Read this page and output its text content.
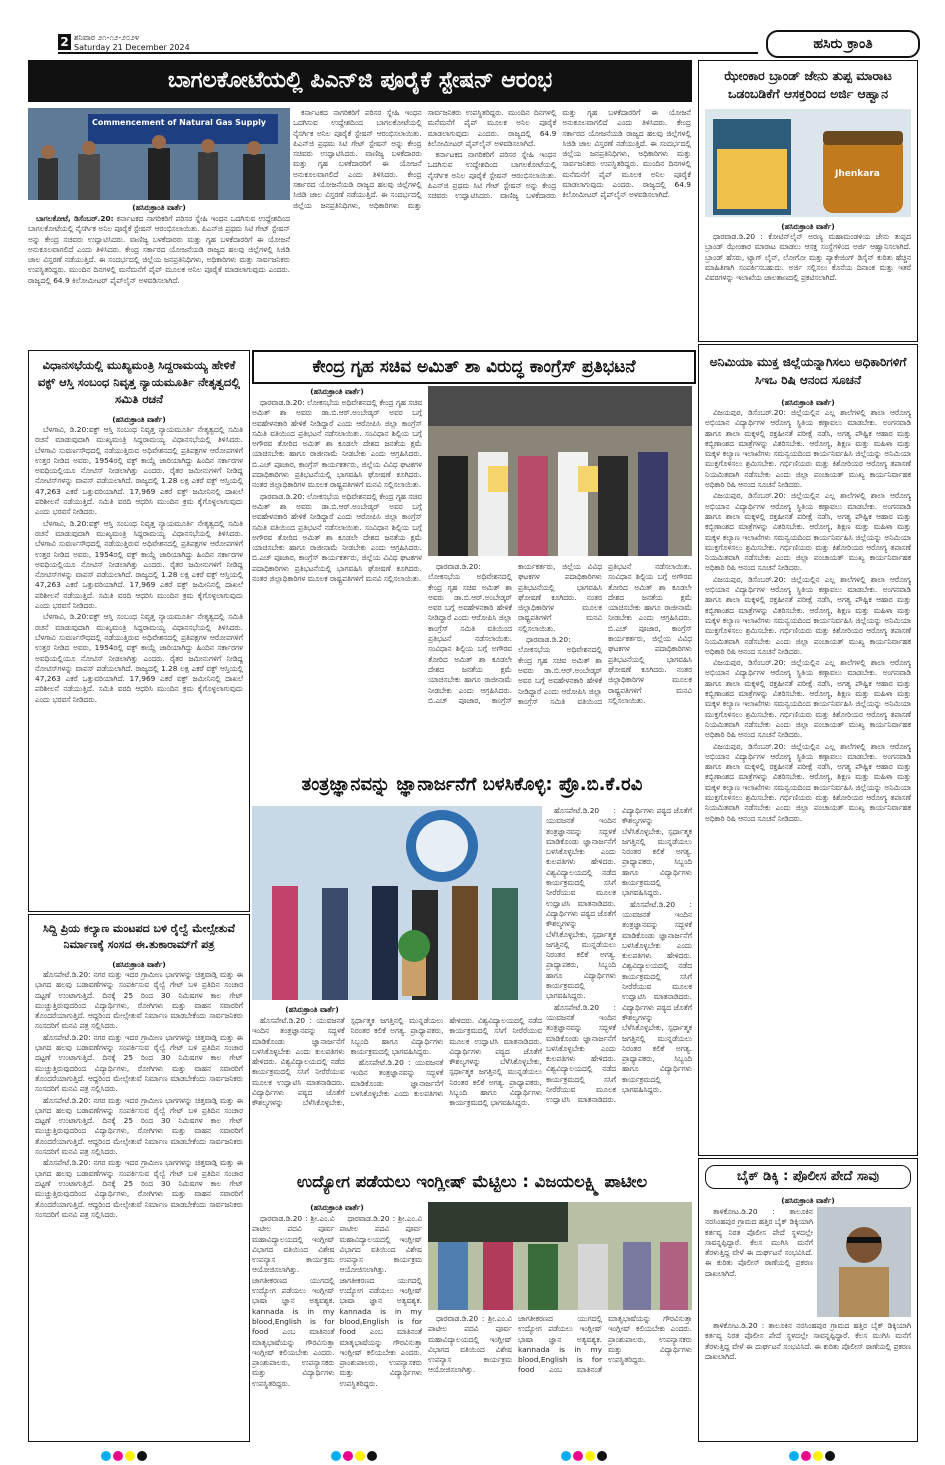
2 ಶನಿವಾರ ೨೧-೧೨-೨೦೨೪
Saturday 21 December 2024	ಹಸಿರು ಕ್ರಾಂತಿ
ಬಾಗಲಕೋಟೆಯಲ್ಲಿ ಪಿಎನ್‌ಜಿ ಪೂರೈಕೆ ಸ್ಟೇಷನ್ ಆರಂಭ
Commencement of Natural Gas Supply
(ಹಸಿರುಕ್ರಾಂತಿ ವಾರ್ತೆ)

ಬಾಗಲಕೋಟೆ, ಡಿಸೆಂಬರ್.20: ಕರ್ನಾಟಕದ ನಾಗರಿಕರಿಗೆ ಪರಿಸರ ಸ್ನೇಹಿ ಇಂಧನ ಒದಗಿಸುವ ಉದ್ದೇಶದಿಂದ ಬಾಗಲಕೋಟೆಯಲ್ಲಿ ನೈಸರ್ಗಿಕ ಅನಿಲ ಪೂರೈಕೆ ಸ್ಟೇಷನ್ ಆರಂಭಿಸಲಾಯಿತು. ಪಿಎನ್‌ಜಿ ಪ್ರಥಮ ಸಿಟಿ ಗೇಟ್ ಸ್ಟೇಷನ್ ಅನ್ನು ಕೇಂದ್ರ ಸಚಿವರು ಉದ್ಘಾಟಿಸಿದರು. ವಾಣಿಜ್ಯ ಬಳಕೆದಾರರು ಮತ್ತು ಗೃಹ ಬಳಕೆದಾರರಿಗೆ ಈ ಯೋಜನೆ ಅನುಕೂಲವಾಗಲಿದೆ ಎಂದು ತಿಳಿಸಿದರು. ಕೇಂದ್ರ ಸರ್ಕಾರದ ಯೋಜನೆಯಡಿ ರಾಜ್ಯದ ಹಲವು ಜಿಲ್ಲೆಗಳಲ್ಲಿ ಸಿಜಿಡಿ ಜಾಲ ವಿಸ್ತರಣೆ ನಡೆಯುತ್ತಿದೆ. ಈ ಸಂದರ್ಭದಲ್ಲಿ ಜಿಲ್ಲೆಯ ಜನಪ್ರತಿನಿಧಿಗಳು, ಅಧಿಕಾರಿಗಳು ಮತ್ತು ಸಾರ್ವಜನಿಕರು ಉಪಸ್ಥಿತರಿದ್ದರು. ಮುಂದಿನ ದಿನಗಳಲ್ಲಿ ಮನೆಮನೆಗೆ ಪೈಪ್ ಮೂಲಕ ಅನಿಲ ಪೂರೈಕೆ ಮಾಡಲಾಗುವುದು ಎಂದರು. ರಾಜ್ಯದಲ್ಲಿ 64.9 ಕಿಲೋಮೀಟರ್ ಪೈಪ್‌ಲೈನ್ ಅಳವಡಿಸಲಾಗಿದೆ.

ಕರ್ನಾಟಕದ ನಾಗರಿಕರಿಗೆ ಪರಿಸರ ಸ್ನೇಹಿ ಇಂಧನ ಒದಗಿಸುವ ಉದ್ದೇಶದಿಂದ ಬಾಗಲಕೋಟೆಯಲ್ಲಿ ನೈಸರ್ಗಿಕ ಅನಿಲ ಪೂರೈಕೆ ಸ್ಟೇಷನ್ ಆರಂಭಿಸಲಾಯಿತು. ಪಿಎನ್‌ಜಿ ಪ್ರಥಮ ಸಿಟಿ ಗೇಟ್ ಸ್ಟೇಷನ್ ಅನ್ನು ಕೇಂದ್ರ ಸಚಿವರು ಉದ್ಘಾಟಿಸಿದರು. ವಾಣಿಜ್ಯ ಬಳಕೆದಾರರು ಮತ್ತು ಗೃಹ ಬಳಕೆದಾರರಿಗೆ ಈ ಯೋಜನೆ ಅನುಕೂಲವಾಗಲಿದೆ ಎಂದು ತಿಳಿಸಿದರು. ಕೇಂದ್ರ ಸರ್ಕಾರದ ಯೋಜನೆಯಡಿ ರಾಜ್ಯದ ಹಲವು ಜಿಲ್ಲೆಗಳಲ್ಲಿ ಸಿಜಿಡಿ ಜಾಲ ವಿಸ್ತರಣೆ ನಡೆಯುತ್ತಿದೆ. ಈ ಸಂದರ್ಭದಲ್ಲಿ ಜಿಲ್ಲೆಯ ಜನಪ್ರತಿನಿಧಿಗಳು, ಅಧಿಕಾರಿಗಳು ಮತ್ತು ಸಾರ್ವಜನಿಕರು ಉಪಸ್ಥಿತರಿದ್ದರು. ಮುಂದಿನ ದಿನಗಳಲ್ಲಿ ಮನೆಮನೆಗೆ ಪೈಪ್ ಮೂಲಕ ಅನಿಲ ಪೂರೈಕೆ ಮಾಡಲಾಗುವುದು ಎಂದರು. ರಾಜ್ಯದಲ್ಲಿ 64.9 ಕಿಲೋಮೀಟರ್ ಪೈಪ್‌ಲೈನ್ ಅಳವಡಿಸಲಾಗಿದೆ.

ಕರ್ನಾಟಕದ ನಾಗರಿಕರಿಗೆ ಪರಿಸರ ಸ್ನೇಹಿ ಇಂಧನ ಒದಗಿಸುವ ಉದ್ದೇಶದಿಂದ ಬಾಗಲಕೋಟೆಯಲ್ಲಿ ನೈಸರ್ಗಿಕ ಅನಿಲ ಪೂರೈಕೆ ಸ್ಟೇಷನ್ ಆರಂಭಿಸಲಾಯಿತು. ಪಿಎನ್‌ಜಿ ಪ್ರಥಮ ಸಿಟಿ ಗೇಟ್ ಸ್ಟೇಷನ್ ಅನ್ನು ಕೇಂದ್ರ ಸಚಿವರು ಉದ್ಘಾಟಿಸಿದರು. ವಾಣಿಜ್ಯ ಬಳಕೆದಾರರು ಮತ್ತು ಗೃಹ ಬಳಕೆದಾರರಿಗೆ ಈ ಯೋಜನೆ ಅನುಕೂಲವಾಗಲಿದೆ ಎಂದು ತಿಳಿಸಿದರು. ಕೇಂದ್ರ ಸರ್ಕಾರದ ಯೋಜನೆಯಡಿ ರಾಜ್ಯದ ಹಲವು ಜಿಲ್ಲೆಗಳಲ್ಲಿ ಸಿಜಿಡಿ ಜಾಲ ವಿಸ್ತರಣೆ ನಡೆಯುತ್ತಿದೆ. ಈ ಸಂದರ್ಭದಲ್ಲಿ ಜಿಲ್ಲೆಯ ಜನಪ್ರತಿನಿಧಿಗಳು, ಅಧಿಕಾರಿಗಳು ಮತ್ತು ಸಾರ್ವಜನಿಕರು ಉಪಸ್ಥಿತರಿದ್ದರು. ಮುಂದಿನ ದಿನಗಳಲ್ಲಿ ಮನೆಮನೆಗೆ ಪೈಪ್ ಮೂಲಕ ಅನಿಲ ಪೂರೈಕೆ ಮಾಡಲಾಗುವುದು ಎಂದರು. ರಾಜ್ಯದಲ್ಲಿ 64.9 ಕಿಲೋಮೀಟರ್ ಪೈಪ್‌ಲೈನ್ ಅಳವಡಿಸಲಾಗಿದೆ.

ಝೇಂಕಾರ ಬ್ರಾಂಡ್ ಜೇನು ತುಪ್ಪ ಮಾರಾಟ ಒಡಂಬಡಿಕೆಗೆ ಆಸಕ್ತರಿಂದ ಅರ್ಜಿ ಆಹ್ವಾನ
Jhenkara
(ಹಸಿರುಕ್ರಾಂತಿ ವಾರ್ತೆ)

ಧಾರವಾಡ.ಡಿ.20 : ಕೋಟಿನ್‌ಲೈನ್ ಅರಣ್ಯ ಮಹಾಮಂಡಳಿಯ ಜೇನು ತುಪ್ಪದ ಬ್ರಾಂಡ್ ಝೇಂಕಾರ ಮಾರಾಟ ಮಾಡಲು ಆಸಕ್ತ ಸಂಸ್ಥೆಗಳಿಂದ ಅರ್ಜಿ ಆಹ್ವಾನಿಸಲಾಗಿದೆ. ಬ್ರಾಂಡ್ ಹೆಸರು, ಟ್ಯಾಗ್ ಲೈನ್, ಲೋಗೋ ಮತ್ತು ಪ್ಯಾಕೇಜಿಂಗ್ ಡಿಸೈನ್ ಕುರಿತು ಹೆಚ್ಚಿನ ಮಾಹಿತಿಗಾಗಿ ಸಂಪರ್ಕಿಸಬಹುದು. ಅರ್ಜಿ ಸಲ್ಲಿಸಲು ಕೊನೆಯ ದಿನಾಂಕ ಮತ್ತು ಇತರೆ ವಿವರಗಳನ್ನು ಇಲಾಖೆಯ ಜಾಲತಾಣದಲ್ಲಿ ಪ್ರಕಟಿಸಲಾಗಿದೆ.

ಅನಿಮಿಯಾ ಮುಕ್ತ ಜಿಲ್ಲೆಯನ್ನಾಗಿಸಲು ಅಧಿಕಾರಿಗಳಿಗೆ ಸಿಇಒ ರಿಷಿ ಆನಂದ ಸೂಚನೆ
(ಹಸಿರುಕ್ರಾಂತಿ ವಾರ್ತೆ)

ವಿಜಯಪುರ, ಡಿಸೆಂಬರ್.20: ಜಿಲ್ಲೆಯಲ್ಲಿನ ಎಲ್ಲ ಶಾಲೆಗಳಲ್ಲಿ ಶಾಲಾ ಆರೋಗ್ಯ ಅಭಿಯಾನ ವಿದ್ಯಾರ್ಥಿಗಳ ಆರೋಗ್ಯ ಸ್ಥಿತಿಯ ಕಣ್ಗಾವಲು ಮಾಡಬೇಕು. ಅಂಗನವಾಡಿ ಹಾಗೂ ಶಾಲಾ ಮಕ್ಕಳಲ್ಲಿ ರಕ್ತಹೀನತೆ ಪರೀಕ್ಷೆ ನಡೆಸಿ, ಅಗತ್ಯ ಪೌಷ್ಟಿಕ ಆಹಾರ ಮತ್ತು ಕಬ್ಬಿಣಾಂಶದ ಮಾತ್ರೆಗಳನ್ನು ವಿತರಿಸಬೇಕು. ಆರೋಗ್ಯ, ಶಿಕ್ಷಣ ಮತ್ತು ಮಹಿಳಾ ಮತ್ತು ಮಕ್ಕಳ ಕಲ್ಯಾಣ ಇಲಾಖೆಗಳು ಸಮನ್ವಯದಿಂದ ಕಾರ್ಯನಿರ್ವಹಿಸಿ ಜಿಲ್ಲೆಯನ್ನು ಅನಿಮಿಯಾ ಮುಕ್ತಗೊಳಿಸಲು ಶ್ರಮಿಸಬೇಕು. ಗರ್ಭಿಣಿಯರು ಮತ್ತು ಕಿಶೋರಿಯರ ಆರೋಗ್ಯ ತಪಾಸಣೆ ನಿಯಮಿತವಾಗಿ ನಡೆಸಬೇಕು ಎಂದು ಜಿಲ್ಲಾ ಪಂಚಾಯತ್ ಮುಖ್ಯ ಕಾರ್ಯನಿರ್ವಾಹಕ ಅಧಿಕಾರಿ ರಿಷಿ ಆನಂದ ಸೂಚನೆ ನೀಡಿದರು.

ವಿಜಯಪುರ, ಡಿಸೆಂಬರ್.20: ಜಿಲ್ಲೆಯಲ್ಲಿನ ಎಲ್ಲ ಶಾಲೆಗಳಲ್ಲಿ ಶಾಲಾ ಆರೋಗ್ಯ ಅಭಿಯಾನ ವಿದ್ಯಾರ್ಥಿಗಳ ಆರೋಗ್ಯ ಸ್ಥಿತಿಯ ಕಣ್ಗಾವಲು ಮಾಡಬೇಕು. ಅಂಗನವಾಡಿ ಹಾಗೂ ಶಾಲಾ ಮಕ್ಕಳಲ್ಲಿ ರಕ್ತಹೀನತೆ ಪರೀಕ್ಷೆ ನಡೆಸಿ, ಅಗತ್ಯ ಪೌಷ್ಟಿಕ ಆಹಾರ ಮತ್ತು ಕಬ್ಬಿಣಾಂಶದ ಮಾತ್ರೆಗಳನ್ನು ವಿತರಿಸಬೇಕು. ಆರೋಗ್ಯ, ಶಿಕ್ಷಣ ಮತ್ತು ಮಹಿಳಾ ಮತ್ತು ಮಕ್ಕಳ ಕಲ್ಯಾಣ ಇಲಾಖೆಗಳು ಸಮನ್ವಯದಿಂದ ಕಾರ್ಯನಿರ್ವಹಿಸಿ ಜಿಲ್ಲೆಯನ್ನು ಅನಿಮಿಯಾ ಮುಕ್ತಗೊಳಿಸಲು ಶ್ರಮಿಸಬೇಕು. ಗರ್ಭಿಣಿಯರು ಮತ್ತು ಕಿಶೋರಿಯರ ಆರೋಗ್ಯ ತಪಾಸಣೆ ನಿಯಮಿತವಾಗಿ ನಡೆಸಬೇಕು ಎಂದು ಜಿಲ್ಲಾ ಪಂಚಾಯತ್ ಮುಖ್ಯ ಕಾರ್ಯನಿರ್ವಾಹಕ ಅಧಿಕಾರಿ ರಿಷಿ ಆನಂದ ಸೂಚನೆ ನೀಡಿದರು.

ವಿಜಯಪುರ, ಡಿಸೆಂಬರ್.20: ಜಿಲ್ಲೆಯಲ್ಲಿನ ಎಲ್ಲ ಶಾಲೆಗಳಲ್ಲಿ ಶಾಲಾ ಆರೋಗ್ಯ ಅಭಿಯಾನ ವಿದ್ಯಾರ್ಥಿಗಳ ಆರೋಗ್ಯ ಸ್ಥಿತಿಯ ಕಣ್ಗಾವಲು ಮಾಡಬೇಕು. ಅಂಗನವಾಡಿ ಹಾಗೂ ಶಾಲಾ ಮಕ್ಕಳಲ್ಲಿ ರಕ್ತಹೀನತೆ ಪರೀಕ್ಷೆ ನಡೆಸಿ, ಅಗತ್ಯ ಪೌಷ್ಟಿಕ ಆಹಾರ ಮತ್ತು ಕಬ್ಬಿಣಾಂಶದ ಮಾತ್ರೆಗಳನ್ನು ವಿತರಿಸಬೇಕು. ಆರೋಗ್ಯ, ಶಿಕ್ಷಣ ಮತ್ತು ಮಹಿಳಾ ಮತ್ತು ಮಕ್ಕಳ ಕಲ್ಯಾಣ ಇಲಾಖೆಗಳು ಸಮನ್ವಯದಿಂದ ಕಾರ್ಯನಿರ್ವಹಿಸಿ ಜಿಲ್ಲೆಯನ್ನು ಅನಿಮಿಯಾ ಮುಕ್ತಗೊಳಿಸಲು ಶ್ರಮಿಸಬೇಕು. ಗರ್ಭಿಣಿಯರು ಮತ್ತು ಕಿಶೋರಿಯರ ಆರೋಗ್ಯ ತಪಾಸಣೆ ನಿಯಮಿತವಾಗಿ ನಡೆಸಬೇಕು ಎಂದು ಜಿಲ್ಲಾ ಪಂಚಾಯತ್ ಮುಖ್ಯ ಕಾರ್ಯನಿರ್ವಾಹಕ ಅಧಿಕಾರಿ ರಿಷಿ ಆನಂದ ಸೂಚನೆ ನೀಡಿದರು.

ವಿಜಯಪುರ, ಡಿಸೆಂಬರ್.20: ಜಿಲ್ಲೆಯಲ್ಲಿನ ಎಲ್ಲ ಶಾಲೆಗಳಲ್ಲಿ ಶಾಲಾ ಆರೋಗ್ಯ ಅಭಿಯಾನ ವಿದ್ಯಾರ್ಥಿಗಳ ಆರೋಗ್ಯ ಸ್ಥಿತಿಯ ಕಣ್ಗಾವಲು ಮಾಡಬೇಕು. ಅಂಗನವಾಡಿ ಹಾಗೂ ಶಾಲಾ ಮಕ್ಕಳಲ್ಲಿ ರಕ್ತಹೀನತೆ ಪರೀಕ್ಷೆ ನಡೆಸಿ, ಅಗತ್ಯ ಪೌಷ್ಟಿಕ ಆಹಾರ ಮತ್ತು ಕಬ್ಬಿಣಾಂಶದ ಮಾತ್ರೆಗಳನ್ನು ವಿತರಿಸಬೇಕು. ಆರೋಗ್ಯ, ಶಿಕ್ಷಣ ಮತ್ತು ಮಹಿಳಾ ಮತ್ತು ಮಕ್ಕಳ ಕಲ್ಯಾಣ ಇಲಾಖೆಗಳು ಸಮನ್ವಯದಿಂದ ಕಾರ್ಯನಿರ್ವಹಿಸಿ ಜಿಲ್ಲೆಯನ್ನು ಅನಿಮಿಯಾ ಮುಕ್ತಗೊಳಿಸಲು ಶ್ರಮಿಸಬೇಕು. ಗರ್ಭಿಣಿಯರು ಮತ್ತು ಕಿಶೋರಿಯರ ಆರೋಗ್ಯ ತಪಾಸಣೆ ನಿಯಮಿತವಾಗಿ ನಡೆಸಬೇಕು ಎಂದು ಜಿಲ್ಲಾ ಪಂಚಾಯತ್ ಮುಖ್ಯ ಕಾರ್ಯನಿರ್ವಾಹಕ ಅಧಿಕಾರಿ ರಿಷಿ ಆನಂದ ಸೂಚನೆ ನೀಡಿದರು.

ವಿಜಯಪುರ, ಡಿಸೆಂಬರ್.20: ಜಿಲ್ಲೆಯಲ್ಲಿನ ಎಲ್ಲ ಶಾಲೆಗಳಲ್ಲಿ ಶಾಲಾ ಆರೋಗ್ಯ ಅಭಿಯಾನ ವಿದ್ಯಾರ್ಥಿಗಳ ಆರೋಗ್ಯ ಸ್ಥಿತಿಯ ಕಣ್ಗಾವಲು ಮಾಡಬೇಕು. ಅಂಗನವಾಡಿ ಹಾಗೂ ಶಾಲಾ ಮಕ್ಕಳಲ್ಲಿ ರಕ್ತಹೀನತೆ ಪರೀಕ್ಷೆ ನಡೆಸಿ, ಅಗತ್ಯ ಪೌಷ್ಟಿಕ ಆಹಾರ ಮತ್ತು ಕಬ್ಬಿಣಾಂಶದ ಮಾತ್ರೆಗಳನ್ನು ವಿತರಿಸಬೇಕು. ಆರೋಗ್ಯ, ಶಿಕ್ಷಣ ಮತ್ತು ಮಹಿಳಾ ಮತ್ತು ಮಕ್ಕಳ ಕಲ್ಯಾಣ ಇಲಾಖೆಗಳು ಸಮನ್ವಯದಿಂದ ಕಾರ್ಯನಿರ್ವಹಿಸಿ ಜಿಲ್ಲೆಯನ್ನು ಅನಿಮಿಯಾ ಮುಕ್ತಗೊಳಿಸಲು ಶ್ರಮಿಸಬೇಕು. ಗರ್ಭಿಣಿಯರು ಮತ್ತು ಕಿಶೋರಿಯರ ಆರೋಗ್ಯ ತಪಾಸಣೆ ನಿಯಮಿತವಾಗಿ ನಡೆಸಬೇಕು ಎಂದು ಜಿಲ್ಲಾ ಪಂಚಾಯತ್ ಮುಖ್ಯ ಕಾರ್ಯನಿರ್ವಾಹಕ ಅಧಿಕಾರಿ ರಿಷಿ ಆನಂದ ಸೂಚನೆ ನೀಡಿದರು.

ಬೈಕ್ ಡಿಕ್ಕಿ : ಪೊಲೀಸ ಪೇದೆ ಸಾವು
(ಹಸಿರುಕ್ರಾಂತಿ ವಾರ್ತೆ)

ತಾಳಿಕೋಟ.ಡಿ.20 : ತಾಲೂಕಿನ ನರಸಿಂಹಪುರ ಗ್ರಾಮದ ಹತ್ತಿರ ಬೈಕ್ ಡಿಕ್ಕಿಯಾಗಿ ಕರ್ತವ್ಯ ನಿರತ ಪೊಲೀಸ ಪೇದೆ ಸ್ಥಳದಲ್ಲೇ ಸಾವನ್ನಪ್ಪಿದ್ದಾರೆ. ಕೆಲಸ ಮುಗಿಸಿ ಮನೆಗೆ ತೆರಳುತ್ತಿದ್ದ ವೇಳೆ ಈ ದುರ್ಘಟನೆ ಸಂಭವಿಸಿದೆ. ಈ ಕುರಿತು ಪೊಲೀಸ್ ಠಾಣೆಯಲ್ಲಿ ಪ್ರಕರಣ ದಾಖಲಾಗಿದೆ.

ತಾಳಿಕೋಟ.ಡಿ.20 : ತಾಲೂಕಿನ ನರಸಿಂಹಪುರ ಗ್ರಾಮದ ಹತ್ತಿರ ಬೈಕ್ ಡಿಕ್ಕಿಯಾಗಿ ಕರ್ತವ್ಯ ನಿರತ ಪೊಲೀಸ ಪೇದೆ ಸ್ಥಳದಲ್ಲೇ ಸಾವನ್ನಪ್ಪಿದ್ದಾರೆ. ಕೆಲಸ ಮುಗಿಸಿ ಮನೆಗೆ ತೆರಳುತ್ತಿದ್ದ ವೇಳೆ ಈ ದುರ್ಘಟನೆ ಸಂಭವಿಸಿದೆ. ಈ ಕುರಿತು ಪೊಲೀಸ್ ಠಾಣೆಯಲ್ಲಿ ಪ್ರಕರಣ ದಾಖಲಾಗಿದೆ.

ವಿಧಾನಸಭೆಯಲ್ಲಿ ಮುಖ್ಯಮಂತ್ರಿ ಸಿದ್ದರಾಮಯ್ಯ ಹೇಳಿಕೆ ವಕ್ಫ್ ಆಸ್ತಿ ಸಂಬಂಧ ನಿವೃತ್ತ ನ್ಯಾಯಮೂರ್ತಿ ನೇತೃತ್ವದಲ್ಲಿ ಸಮಿತಿ ರಚನೆ
(ಹಸಿರುಕ್ರಾಂತಿ ವಾರ್ತೆ)

ಬೆಳಗಾವಿ, ಡಿ.20:ವಕ್ಫ್ ಆಸ್ತಿ ಸಂಬಂಧ ನಿವೃತ್ತ ನ್ಯಾಯಮೂರ್ತಿ ನೇತೃತ್ವದಲ್ಲಿ ಸಮಿತಿ ರಚನೆ ಮಾಡುವುದಾಗಿ ಮುಖ್ಯಮಂತ್ರಿ ಸಿದ್ದರಾಮಯ್ಯ ವಿಧಾನಸಭೆಯಲ್ಲಿ ತಿಳಿಸಿದರು. ಬೆಳಗಾವಿ ಸುವರ್ಣಸೌಧದಲ್ಲಿ ನಡೆಯುತ್ತಿರುವ ಅಧಿವೇಶನದಲ್ಲಿ ಪ್ರತಿಪಕ್ಷಗಳ ಆರೋಪಗಳಿಗೆ ಉತ್ತರ ನೀಡಿದ ಅವರು, 1954ರಲ್ಲಿ ವಕ್ಫ್ ಕಾಯ್ದೆ ಜಾರಿಯಾಗಿದ್ದು ಹಿಂದಿನ ಸರ್ಕಾರಗಳ ಅವಧಿಯಲ್ಲಿಯೂ ನೋಟಿಸ್ ನೀಡಲಾಗಿತ್ತು ಎಂದರು. ರೈತರ ಜಮೀನುಗಳಿಗೆ ನೀಡಿದ್ದ ನೋಟಿಸ್‌ಗಳನ್ನು ವಾಪಸ್ ಪಡೆಯಲಾಗಿದೆ. ರಾಜ್ಯದಲ್ಲಿ 1.28 ಲಕ್ಷ ಎಕರೆ ವಕ್ಫ್ ಆಸ್ತಿಯಲ್ಲಿ 47,263 ಎಕರೆ ಒತ್ತುವರಿಯಾಗಿದೆ. 17,969 ಎಕರೆ ವಕ್ಫ್ ಜಮೀನಿನಲ್ಲಿ ದಾಖಲೆ ಪರಿಶೀಲನೆ ನಡೆಯುತ್ತಿದೆ. ಸಮಿತಿ ವರದಿ ಆಧರಿಸಿ ಮುಂದಿನ ಕ್ರಮ ಕೈಗೊಳ್ಳಲಾಗುವುದು ಎಂದು ಭರವಸೆ ನೀಡಿದರು.

ಬೆಳಗಾವಿ, ಡಿ.20:ವಕ್ಫ್ ಆಸ್ತಿ ಸಂಬಂಧ ನಿವೃತ್ತ ನ್ಯಾಯಮೂರ್ತಿ ನೇತೃತ್ವದಲ್ಲಿ ಸಮಿತಿ ರಚನೆ ಮಾಡುವುದಾಗಿ ಮುಖ್ಯಮಂತ್ರಿ ಸಿದ್ದರಾಮಯ್ಯ ವಿಧಾನಸಭೆಯಲ್ಲಿ ತಿಳಿಸಿದರು. ಬೆಳಗಾವಿ ಸುವರ್ಣಸೌಧದಲ್ಲಿ ನಡೆಯುತ್ತಿರುವ ಅಧಿವೇಶನದಲ್ಲಿ ಪ್ರತಿಪಕ್ಷಗಳ ಆರೋಪಗಳಿಗೆ ಉತ್ತರ ನೀಡಿದ ಅವರು, 1954ರಲ್ಲಿ ವಕ್ಫ್ ಕಾಯ್ದೆ ಜಾರಿಯಾಗಿದ್ದು ಹಿಂದಿನ ಸರ್ಕಾರಗಳ ಅವಧಿಯಲ್ಲಿಯೂ ನೋಟಿಸ್ ನೀಡಲಾಗಿತ್ತು ಎಂದರು. ರೈತರ ಜಮೀನುಗಳಿಗೆ ನೀಡಿದ್ದ ನೋಟಿಸ್‌ಗಳನ್ನು ವಾಪಸ್ ಪಡೆಯಲಾಗಿದೆ. ರಾಜ್ಯದಲ್ಲಿ 1.28 ಲಕ್ಷ ಎಕರೆ ವಕ್ಫ್ ಆಸ್ತಿಯಲ್ಲಿ 47,263 ಎಕರೆ ಒತ್ತುವರಿಯಾಗಿದೆ. 17,969 ಎಕರೆ ವಕ್ಫ್ ಜಮೀನಿನಲ್ಲಿ ದಾಖಲೆ ಪರಿಶೀಲನೆ ನಡೆಯುತ್ತಿದೆ. ಸಮಿತಿ ವರದಿ ಆಧರಿಸಿ ಮುಂದಿನ ಕ್ರಮ ಕೈಗೊಳ್ಳಲಾಗುವುದು ಎಂದು ಭರವಸೆ ನೀಡಿದರು.

ಬೆಳಗಾವಿ, ಡಿ.20:ವಕ್ಫ್ ಆಸ್ತಿ ಸಂಬಂಧ ನಿವೃತ್ತ ನ್ಯಾಯಮೂರ್ತಿ ನೇತೃತ್ವದಲ್ಲಿ ಸಮಿತಿ ರಚನೆ ಮಾಡುವುದಾಗಿ ಮುಖ್ಯಮಂತ್ರಿ ಸಿದ್ದರಾಮಯ್ಯ ವಿಧಾನಸಭೆಯಲ್ಲಿ ತಿಳಿಸಿದರು. ಬೆಳಗಾವಿ ಸುವರ್ಣಸೌಧದಲ್ಲಿ ನಡೆಯುತ್ತಿರುವ ಅಧಿವೇಶನದಲ್ಲಿ ಪ್ರತಿಪಕ್ಷಗಳ ಆರೋಪಗಳಿಗೆ ಉತ್ತರ ನೀಡಿದ ಅವರು, 1954ರಲ್ಲಿ ವಕ್ಫ್ ಕಾಯ್ದೆ ಜಾರಿಯಾಗಿದ್ದು ಹಿಂದಿನ ಸರ್ಕಾರಗಳ ಅವಧಿಯಲ್ಲಿಯೂ ನೋಟಿಸ್ ನೀಡಲಾಗಿತ್ತು ಎಂದರು. ರೈತರ ಜಮೀನುಗಳಿಗೆ ನೀಡಿದ್ದ ನೋಟಿಸ್‌ಗಳನ್ನು ವಾಪಸ್ ಪಡೆಯಲಾಗಿದೆ. ರಾಜ್ಯದಲ್ಲಿ 1.28 ಲಕ್ಷ ಎಕರೆ ವಕ್ಫ್ ಆಸ್ತಿಯಲ್ಲಿ 47,263 ಎಕರೆ ಒತ್ತುವರಿಯಾಗಿದೆ. 17,969 ಎಕರೆ ವಕ್ಫ್ ಜಮೀನಿನಲ್ಲಿ ದಾಖಲೆ ಪರಿಶೀಲನೆ ನಡೆಯುತ್ತಿದೆ. ಸಮಿತಿ ವರದಿ ಆಧರಿಸಿ ಮುಂದಿನ ಕ್ರಮ ಕೈಗೊಳ್ಳಲಾಗುವುದು ಎಂದು ಭರವಸೆ ನೀಡಿದರು.

ಸಿದ್ದಿ ಪ್ರಿಯ ಕಲ್ಯಾಣ ಮಂಟಪದ ಬಳಿ ರೈಲ್ವೆ ಮೇಲ್ಸೇತುವೆ ನಿರ್ಮಾಣಕ್ಕೆ ಸಂಸದ ಈ.ತುಕಾರಾಮ್‌ಗೆ ಪತ್ರ
(ಹಸಿರುಕ್ರಾಂತಿ ವಾರ್ತೆ)

ಹೊಸಪೇಟೆ.ಡಿ.20: ನಗರ ಮತ್ತು ಇದರ ಗ್ರಾಮೀಣ ಭಾಗಗಳನ್ನು ಚಿತ್ತವಾಡ್ಗಿ ಮತ್ತು ಈ ಭಾಗದ ಹಲವು ಬಡಾವಣೆಗಳನ್ನು ಸಂಪರ್ಕಿಸುವ ರೈಲ್ವೆ ಗೇಟ್ ಬಳಿ ಪ್ರತಿದಿನ ಸಂಚಾರ ದಟ್ಟಣೆ ಉಂಟಾಗುತ್ತಿದೆ. ದಿನಕ್ಕೆ 25 ರಿಂದ 30 ನಿಮಿಷಗಳ ಕಾಲ ಗೇಟ್ ಮುಚ್ಚುತ್ತಿರುವುದರಿಂದ ವಿದ್ಯಾರ್ಥಿಗಳು, ರೋಗಿಗಳು ಮತ್ತು ವಾಹನ ಸವಾರರಿಗೆ ತೊಂದರೆಯಾಗುತ್ತಿದೆ. ಆದ್ದರಿಂದ ಮೇಲ್ಸೇತುವೆ ನಿರ್ಮಾಣ ಮಾಡಬೇಕೆಂದು ಸಾರ್ವಜನಿಕರು ಸಂಸದರಿಗೆ ಮನವಿ ಪತ್ರ ಸಲ್ಲಿಸಿದರು.

ಹೊಸಪೇಟೆ.ಡಿ.20: ನಗರ ಮತ್ತು ಇದರ ಗ್ರಾಮೀಣ ಭಾಗಗಳನ್ನು ಚಿತ್ತವಾಡ್ಗಿ ಮತ್ತು ಈ ಭಾಗದ ಹಲವು ಬಡಾವಣೆಗಳನ್ನು ಸಂಪರ್ಕಿಸುವ ರೈಲ್ವೆ ಗೇಟ್ ಬಳಿ ಪ್ರತಿದಿನ ಸಂಚಾರ ದಟ್ಟಣೆ ಉಂಟಾಗುತ್ತಿದೆ. ದಿನಕ್ಕೆ 25 ರಿಂದ 30 ನಿಮಿಷಗಳ ಕಾಲ ಗೇಟ್ ಮುಚ್ಚುತ್ತಿರುವುದರಿಂದ ವಿದ್ಯಾರ್ಥಿಗಳು, ರೋಗಿಗಳು ಮತ್ತು ವಾಹನ ಸವಾರರಿಗೆ ತೊಂದರೆಯಾಗುತ್ತಿದೆ. ಆದ್ದರಿಂದ ಮೇಲ್ಸೇತುವೆ ನಿರ್ಮಾಣ ಮಾಡಬೇಕೆಂದು ಸಾರ್ವಜನಿಕರು ಸಂಸದರಿಗೆ ಮನವಿ ಪತ್ರ ಸಲ್ಲಿಸಿದರು.

ಹೊಸಪೇಟೆ.ಡಿ.20: ನಗರ ಮತ್ತು ಇದರ ಗ್ರಾಮೀಣ ಭಾಗಗಳನ್ನು ಚಿತ್ತವಾಡ್ಗಿ ಮತ್ತು ಈ ಭಾಗದ ಹಲವು ಬಡಾವಣೆಗಳನ್ನು ಸಂಪರ್ಕಿಸುವ ರೈಲ್ವೆ ಗೇಟ್ ಬಳಿ ಪ್ರತಿದಿನ ಸಂಚಾರ ದಟ್ಟಣೆ ಉಂಟಾಗುತ್ತಿದೆ. ದಿನಕ್ಕೆ 25 ರಿಂದ 30 ನಿಮಿಷಗಳ ಕಾಲ ಗೇಟ್ ಮುಚ್ಚುತ್ತಿರುವುದರಿಂದ ವಿದ್ಯಾರ್ಥಿಗಳು, ರೋಗಿಗಳು ಮತ್ತು ವಾಹನ ಸವಾರರಿಗೆ ತೊಂದರೆಯಾಗುತ್ತಿದೆ. ಆದ್ದರಿಂದ ಮೇಲ್ಸೇತುವೆ ನಿರ್ಮಾಣ ಮಾಡಬೇಕೆಂದು ಸಾರ್ವಜನಿಕರು ಸಂಸದರಿಗೆ ಮನವಿ ಪತ್ರ ಸಲ್ಲಿಸಿದರು.

ಹೊಸಪೇಟೆ.ಡಿ.20: ನಗರ ಮತ್ತು ಇದರ ಗ್ರಾಮೀಣ ಭಾಗಗಳನ್ನು ಚಿತ್ತವಾಡ್ಗಿ ಮತ್ತು ಈ ಭಾಗದ ಹಲವು ಬಡಾವಣೆಗಳನ್ನು ಸಂಪರ್ಕಿಸುವ ರೈಲ್ವೆ ಗೇಟ್ ಬಳಿ ಪ್ರತಿದಿನ ಸಂಚಾರ ದಟ್ಟಣೆ ಉಂಟಾಗುತ್ತಿದೆ. ದಿನಕ್ಕೆ 25 ರಿಂದ 30 ನಿಮಿಷಗಳ ಕಾಲ ಗೇಟ್ ಮುಚ್ಚುತ್ತಿರುವುದರಿಂದ ವಿದ್ಯಾರ್ಥಿಗಳು, ರೋಗಿಗಳು ಮತ್ತು ವಾಹನ ಸವಾರರಿಗೆ ತೊಂದರೆಯಾಗುತ್ತಿದೆ. ಆದ್ದರಿಂದ ಮೇಲ್ಸೇತುವೆ ನಿರ್ಮಾಣ ಮಾಡಬೇಕೆಂದು ಸಾರ್ವಜನಿಕರು ಸಂಸದರಿಗೆ ಮನವಿ ಪತ್ರ ಸಲ್ಲಿಸಿದರು.

ಕೇಂದ್ರ ಗೃಹ ಸಚಿವ ಅಮಿತ್ ಶಾ ವಿರುದ್ಧ ಕಾಂಗ್ರೆಸ್ ಪ್ರತಿಭಟನೆ
(ಹಸಿರುಕ್ರಾಂತಿ ವಾರ್ತೆ)

ಧಾರವಾಡ.ಡಿ.20: ಲೋಕಸಭೆಯ ಅಧಿವೇಶನದಲ್ಲಿ ಕೇಂದ್ರ ಗೃಹ ಸಚಿವ ಅಮಿತ್ ಶಾ ಅವರು ಡಾ.ಬಿ.ಆರ್.ಅಂಬೇಡ್ಕರ್ ಅವರ ಬಗ್ಗೆ ಅವಹೇಳನಕಾರಿ ಹೇಳಿಕೆ ನೀಡಿದ್ದಾರೆ ಎಂದು ಆರೋಪಿಸಿ ಜಿಲ್ಲಾ ಕಾಂಗ್ರೆಸ್ ಸಮಿತಿ ವತಿಯಿಂದ ಪ್ರತಿಭಟನೆ ನಡೆಸಲಾಯಿತು. ಸಂವಿಧಾನ ಶಿಲ್ಪಿಯ ಬಗ್ಗೆ ಅಗೌರವ ತೋರಿದ ಅಮಿತ್ ಶಾ ಕೂಡಲೇ ದೇಶದ ಜನತೆಯ ಕ್ಷಮೆ ಯಾಚಿಸಬೇಕು ಹಾಗೂ ರಾಜೀನಾಮೆ ನೀಡಬೇಕು ಎಂದು ಆಗ್ರಹಿಸಿದರು. ಬಿ.ಎಚ್ ಪೂಜಾರ, ಕಾಂಗ್ರೆಸ್ ಕಾರ್ಯಕರ್ತರು, ಜಿಲ್ಲೆಯ ವಿವಿಧ ಘಟಕಗಳ ಪದಾಧಿಕಾರಿಗಳು ಪ್ರತಿಭಟನೆಯಲ್ಲಿ ಭಾಗವಹಿಸಿ ಘೋಷಣೆ ಕೂಗಿದರು. ನಂತರ ಜಿಲ್ಲಾಧಿಕಾರಿಗಳ ಮೂಲಕ ರಾಷ್ಟ್ರಪತಿಗಳಿಗೆ ಮನವಿ ಸಲ್ಲಿಸಲಾಯಿತು.

ಧಾರವಾಡ.ಡಿ.20: ಲೋಕಸಭೆಯ ಅಧಿವೇಶನದಲ್ಲಿ ಕೇಂದ್ರ ಗೃಹ ಸಚಿವ ಅಮಿತ್ ಶಾ ಅವರು ಡಾ.ಬಿ.ಆರ್.ಅಂಬೇಡ್ಕರ್ ಅವರ ಬಗ್ಗೆ ಅವಹೇಳನಕಾರಿ ಹೇಳಿಕೆ ನೀಡಿದ್ದಾರೆ ಎಂದು ಆರೋಪಿಸಿ ಜಿಲ್ಲಾ ಕಾಂಗ್ರೆಸ್ ಸಮಿತಿ ವತಿಯಿಂದ ಪ್ರತಿಭಟನೆ ನಡೆಸಲಾಯಿತು. ಸಂವಿಧಾನ ಶಿಲ್ಪಿಯ ಬಗ್ಗೆ ಅಗೌರವ ತೋರಿದ ಅಮಿತ್ ಶಾ ಕೂಡಲೇ ದೇಶದ ಜನತೆಯ ಕ್ಷಮೆ ಯಾಚಿಸಬೇಕು ಹಾಗೂ ರಾಜೀನಾಮೆ ನೀಡಬೇಕು ಎಂದು ಆಗ್ರಹಿಸಿದರು. ಬಿ.ಎಚ್ ಪೂಜಾರ, ಕಾಂಗ್ರೆಸ್ ಕಾರ್ಯಕರ್ತರು, ಜಿಲ್ಲೆಯ ವಿವಿಧ ಘಟಕಗಳ ಪದಾಧಿಕಾರಿಗಳು ಪ್ರತಿಭಟನೆಯಲ್ಲಿ ಭಾಗವಹಿಸಿ ಘೋಷಣೆ ಕೂಗಿದರು. ನಂತರ ಜಿಲ್ಲಾಧಿಕಾರಿಗಳ ಮೂಲಕ ರಾಷ್ಟ್ರಪತಿಗಳಿಗೆ ಮನವಿ ಸಲ್ಲಿಸಲಾಯಿತು.

ಧಾರವಾಡ.ಡಿ.20: ಲೋಕಸಭೆಯ ಅಧಿವೇಶನದಲ್ಲಿ ಕೇಂದ್ರ ಗೃಹ ಸಚಿವ ಅಮಿತ್ ಶಾ ಅವರು ಡಾ.ಬಿ.ಆರ್.ಅಂಬೇಡ್ಕರ್ ಅವರ ಬಗ್ಗೆ ಅವಹೇಳನಕಾರಿ ಹೇಳಿಕೆ ನೀಡಿದ್ದಾರೆ ಎಂದು ಆರೋಪಿಸಿ ಜಿಲ್ಲಾ ಕಾಂಗ್ರೆಸ್ ಸಮಿತಿ ವತಿಯಿಂದ ಪ್ರತಿಭಟನೆ ನಡೆಸಲಾಯಿತು. ಸಂವಿಧಾನ ಶಿಲ್ಪಿಯ ಬಗ್ಗೆ ಅಗೌರವ ತೋರಿದ ಅಮಿತ್ ಶಾ ಕೂಡಲೇ ದೇಶದ ಜನತೆಯ ಕ್ಷಮೆ ಯಾಚಿಸಬೇಕು ಹಾಗೂ ರಾಜೀನಾಮೆ ನೀಡಬೇಕು ಎಂದು ಆಗ್ರಹಿಸಿದರು. ಬಿ.ಎಚ್ ಪೂಜಾರ, ಕಾಂಗ್ರೆಸ್ ಕಾರ್ಯಕರ್ತರು, ಜಿಲ್ಲೆಯ ವಿವಿಧ ಘಟಕಗಳ ಪದಾಧಿಕಾರಿಗಳು ಪ್ರತಿಭಟನೆಯಲ್ಲಿ ಭಾಗವಹಿಸಿ ಘೋಷಣೆ ಕೂಗಿದರು. ನಂತರ ಜಿಲ್ಲಾಧಿಕಾರಿಗಳ ಮೂಲಕ ರಾಷ್ಟ್ರಪತಿಗಳಿಗೆ ಮನವಿ ಸಲ್ಲಿಸಲಾಯಿತು.

ಧಾರವಾಡ.ಡಿ.20: ಲೋಕಸಭೆಯ ಅಧಿವೇಶನದಲ್ಲಿ ಕೇಂದ್ರ ಗೃಹ ಸಚಿವ ಅಮಿತ್ ಶಾ ಅವರು ಡಾ.ಬಿ.ಆರ್.ಅಂಬೇಡ್ಕರ್ ಅವರ ಬಗ್ಗೆ ಅವಹೇಳನಕಾರಿ ಹೇಳಿಕೆ ನೀಡಿದ್ದಾರೆ ಎಂದು ಆರೋಪಿಸಿ ಜಿಲ್ಲಾ ಕಾಂಗ್ರೆಸ್ ಸಮಿತಿ ವತಿಯಿಂದ ಪ್ರತಿಭಟನೆ ನಡೆಸಲಾಯಿತು. ಸಂವಿಧಾನ ಶಿಲ್ಪಿಯ ಬಗ್ಗೆ ಅಗೌರವ ತೋರಿದ ಅಮಿತ್ ಶಾ ಕೂಡಲೇ ದೇಶದ ಜನತೆಯ ಕ್ಷಮೆ ಯಾಚಿಸಬೇಕು ಹಾಗೂ ರಾಜೀನಾಮೆ ನೀಡಬೇಕು ಎಂದು ಆಗ್ರಹಿಸಿದರು. ಬಿ.ಎಚ್ ಪೂಜಾರ, ಕಾಂಗ್ರೆಸ್ ಕಾರ್ಯಕರ್ತರು, ಜಿಲ್ಲೆಯ ವಿವಿಧ ಘಟಕಗಳ ಪದಾಧಿಕಾರಿಗಳು ಪ್ರತಿಭಟನೆಯಲ್ಲಿ ಭಾಗವಹಿಸಿ ಘೋಷಣೆ ಕೂಗಿದರು. ನಂತರ ಜಿಲ್ಲಾಧಿಕಾರಿಗಳ ಮೂಲಕ ರಾಷ್ಟ್ರಪತಿಗಳಿಗೆ ಮನವಿ ಸಲ್ಲಿಸಲಾಯಿತು.

ತಂತ್ರಜ್ಞಾನವನ್ನು ಜ್ಞಾನಾರ್ಜನೆಗೆ ಬಳಸಿಕೊಳ್ಳಿ: ಪ್ರೊ.ಬಿ.ಕೆ.ರವಿ
(ಹಸಿರುಕ್ರಾಂತಿ ವಾರ್ತೆ)

ಹೊಸಪೇಟೆ.ಡಿ.20 : ಯುವಜನತೆ ಇಂದಿನ ತಂತ್ರಜ್ಞಾನವನ್ನು ಸದ್ಬಳಕೆ ಮಾಡಿಕೊಂಡು ಜ್ಞಾನಾರ್ಜನೆಗೆ ಬಳಸಿಕೊಳ್ಳಬೇಕು ಎಂದು ಕುಲಪತಿಗಳು ಹೇಳಿದರು. ವಿಶ್ವವಿದ್ಯಾಲಯದಲ್ಲಿ ನಡೆದ ಕಾರ್ಯಕ್ರಮದಲ್ಲಿ ಸಸಿಗೆ ನೀರೆರೆಯುವ ಮೂಲಕ ಉದ್ಘಾಟಿಸಿ ಮಾತನಾಡಿದರು. ವಿದ್ಯಾರ್ಥಿಗಳು ಪಠ್ಯದ ಜೊತೆಗೆ ಕೌಶಲ್ಯಗಳನ್ನು ಬೆಳೆಸಿಕೊಳ್ಳಬೇಕು, ಸ್ಪರ್ಧಾತ್ಮಕ ಜಗತ್ತಿನಲ್ಲಿ ಮುನ್ನಡೆಯಲು ನಿರಂತರ ಕಲಿಕೆ ಅಗತ್ಯ. ಪ್ರಾಧ್ಯಾಪಕರು, ಸಿಬ್ಬಂದಿ ಹಾಗೂ ವಿದ್ಯಾರ್ಥಿಗಳು ಕಾರ್ಯಕ್ರಮದಲ್ಲಿ ಭಾಗವಹಿಸಿದ್ದರು.

ಹೊಸಪೇಟೆ.ಡಿ.20 : ಯುವಜನತೆ ಇಂದಿನ ತಂತ್ರಜ್ಞಾನವನ್ನು ಸದ್ಬಳಕೆ ಮಾಡಿಕೊಂಡು ಜ್ಞಾನಾರ್ಜನೆಗೆ ಬಳಸಿಕೊಳ್ಳಬೇಕು ಎಂದು ಕುಲಪತಿಗಳು ಹೇಳಿದರು. ವಿಶ್ವವಿದ್ಯಾಲಯದಲ್ಲಿ ನಡೆದ ಕಾರ್ಯಕ್ರಮದಲ್ಲಿ ಸಸಿಗೆ ನೀರೆರೆಯುವ ಮೂಲಕ ಉದ್ಘಾಟಿಸಿ ಮಾತನಾಡಿದರು. ವಿದ್ಯಾರ್ಥಿಗಳು ಪಠ್ಯದ ಜೊತೆಗೆ ಕೌಶಲ್ಯಗಳನ್ನು ಬೆಳೆಸಿಕೊಳ್ಳಬೇಕು, ಸ್ಪರ್ಧಾತ್ಮಕ ಜಗತ್ತಿನಲ್ಲಿ ಮುನ್ನಡೆಯಲು ನಿರಂತರ ಕಲಿಕೆ ಅಗತ್ಯ. ಪ್ರಾಧ್ಯಾಪಕರು, ಸಿಬ್ಬಂದಿ ಹಾಗೂ ವಿದ್ಯಾರ್ಥಿಗಳು ಕಾರ್ಯಕ್ರಮದಲ್ಲಿ ಭಾಗವಹಿಸಿದ್ದರು.

ಹೊಸಪೇಟೆ.ಡಿ.20 : ಯುವಜನತೆ ಇಂದಿನ ತಂತ್ರಜ್ಞಾನವನ್ನು ಸದ್ಬಳಕೆ ಮಾಡಿಕೊಂಡು ಜ್ಞಾನಾರ್ಜನೆಗೆ ಬಳಸಿಕೊಳ್ಳಬೇಕು ಎಂದು ಕುಲಪತಿಗಳು ಹೇಳಿದರು. ವಿಶ್ವವಿದ್ಯಾಲಯದಲ್ಲಿ ನಡೆದ ಕಾರ್ಯಕ್ರಮದಲ್ಲಿ ಸಸಿಗೆ ನೀರೆರೆಯುವ ಮೂಲಕ ಉದ್ಘಾಟಿಸಿ ಮಾತನಾಡಿದರು. ವಿದ್ಯಾರ್ಥಿಗಳು ಪಠ್ಯದ ಜೊತೆಗೆ ಕೌಶಲ್ಯಗಳನ್ನು ಬೆಳೆಸಿಕೊಳ್ಳಬೇಕು, ಸ್ಪರ್ಧಾತ್ಮಕ ಜಗತ್ತಿನಲ್ಲಿ ಮುನ್ನಡೆಯಲು ನಿರಂತರ ಕಲಿಕೆ ಅಗತ್ಯ. ಪ್ರಾಧ್ಯಾಪಕರು, ಸಿಬ್ಬಂದಿ ಹಾಗೂ ವಿದ್ಯಾರ್ಥಿಗಳು ಕಾರ್ಯಕ್ರಮದಲ್ಲಿ ಭಾಗವಹಿಸಿದ್ದರು.

ಹೊಸಪೇಟೆ.ಡಿ.20 : ಯುವಜನತೆ ಇಂದಿನ ತಂತ್ರಜ್ಞಾನವನ್ನು ಸದ್ಬಳಕೆ ಮಾಡಿಕೊಂಡು ಜ್ಞಾನಾರ್ಜನೆಗೆ ಬಳಸಿಕೊಳ್ಳಬೇಕು ಎಂದು ಕುಲಪತಿಗಳು ಹೇಳಿದರು. ವಿಶ್ವವಿದ್ಯಾಲಯದಲ್ಲಿ ನಡೆದ ಕಾರ್ಯಕ್ರಮದಲ್ಲಿ ಸಸಿಗೆ ನೀರೆರೆಯುವ ಮೂಲಕ ಉದ್ಘಾಟಿಸಿ ಮಾತನಾಡಿದರು. ವಿದ್ಯಾರ್ಥಿಗಳು ಪಠ್ಯದ ಜೊತೆಗೆ ಕೌಶಲ್ಯಗಳನ್ನು ಬೆಳೆಸಿಕೊಳ್ಳಬೇಕು, ಸ್ಪರ್ಧಾತ್ಮಕ ಜಗತ್ತಿನಲ್ಲಿ ಮುನ್ನಡೆಯಲು ನಿರಂತರ ಕಲಿಕೆ ಅಗತ್ಯ. ಪ್ರಾಧ್ಯಾಪಕರು, ಸಿಬ್ಬಂದಿ ಹಾಗೂ ವಿದ್ಯಾರ್ಥಿಗಳು ಕಾರ್ಯಕ್ರಮದಲ್ಲಿ ಭಾಗವಹಿಸಿದ್ದರು.

ಹೊಸಪೇಟೆ.ಡಿ.20 : ಯುವಜನತೆ ಇಂದಿನ ತಂತ್ರಜ್ಞಾನವನ್ನು ಸದ್ಬಳಕೆ ಮಾಡಿಕೊಂಡು ಜ್ಞಾನಾರ್ಜನೆಗೆ ಬಳಸಿಕೊಳ್ಳಬೇಕು ಎಂದು ಕುಲಪತಿಗಳು ಹೇಳಿದರು. ವಿಶ್ವವಿದ್ಯಾಲಯದಲ್ಲಿ ನಡೆದ ಕಾರ್ಯಕ್ರಮದಲ್ಲಿ ಸಸಿಗೆ ನೀರೆರೆಯುವ ಮೂಲಕ ಉದ್ಘಾಟಿಸಿ ಮಾತನಾಡಿದರು. ವಿದ್ಯಾರ್ಥಿಗಳು ಪಠ್ಯದ ಜೊತೆಗೆ ಕೌಶಲ್ಯಗಳನ್ನು ಬೆಳೆಸಿಕೊಳ್ಳಬೇಕು, ಸ್ಪರ್ಧಾತ್ಮಕ ಜಗತ್ತಿನಲ್ಲಿ ಮುನ್ನಡೆಯಲು ನಿರಂತರ ಕಲಿಕೆ ಅಗತ್ಯ. ಪ್ರಾಧ್ಯಾಪಕರು, ಸಿಬ್ಬಂದಿ ಹಾಗೂ ವಿದ್ಯಾರ್ಥಿಗಳು ಕಾರ್ಯಕ್ರಮದಲ್ಲಿ ಭಾಗವಹಿಸಿದ್ದರು.

ಉದ್ಯೋಗ ಪಡೆಯಲು ಇಂಗ್ಲೀಷ್ ಮೆಟ್ಟಿಲು : ವಿಜಯಲಕ್ಷ್ಮಿ ಪಾಟೀಲ
(ಹಸಿರುಕ್ರಾಂತಿ ವಾರ್ತೆ)

ಧಾರವಾಡ.ಡಿ.20 : ಶ್ರೀ.ಎಂ.ವಿ ಪಾಟೀಲ ಪದವಿ ಪೂರ್ವ ಮಹಾವಿದ್ಯಾಲಯದಲ್ಲಿ ಇಂಗ್ಲೀಷ್ ವಿಭಾಗದ ವತಿಯಿಂದ ವಿಶೇಷ ಉಪನ್ಯಾಸ ಕಾರ್ಯಕ್ರಮ ಆಯೋಜಿಸಲಾಗಿತ್ತು. ಜಾಗತೀಕರಣದ ಯುಗದಲ್ಲಿ ಉದ್ಯೋಗ ಪಡೆಯಲು ಇಂಗ್ಲೀಷ್ ಭಾಷಾ ಜ್ಞಾನ ಅತ್ಯವಶ್ಯಕ. kannada is in my blood,English is for food ಎಂಬ ಮಾತಿನಂತೆ ಮಾತೃಭಾಷೆಯನ್ನು ಗೌರವಿಸುತ್ತಾ ಇಂಗ್ಲೀಷ್ ಕಲಿಯಬೇಕು ಎಂದರು. ಪ್ರಾಂಶುಪಾಲರು, ಉಪನ್ಯಾಸಕರು ಮತ್ತು ವಿದ್ಯಾರ್ಥಿಗಳು ಉಪಸ್ಥಿತರಿದ್ದರು.

ಧಾರವಾಡ.ಡಿ.20 : ಶ್ರೀ.ಎಂ.ವಿ ಪಾಟೀಲ ಪದವಿ ಪೂರ್ವ ಮಹಾವಿದ್ಯಾಲಯದಲ್ಲಿ ಇಂಗ್ಲೀಷ್ ವಿಭಾಗದ ವತಿಯಿಂದ ವಿಶೇಷ ಉಪನ್ಯಾಸ ಕಾರ್ಯಕ್ರಮ ಆಯೋಜಿಸಲಾಗಿತ್ತು. ಜಾಗತೀಕರಣದ ಯುಗದಲ್ಲಿ ಉದ್ಯೋಗ ಪಡೆಯಲು ಇಂಗ್ಲೀಷ್ ಭಾಷಾ ಜ್ಞಾನ ಅತ್ಯವಶ್ಯಕ. kannada is in my blood,English is for food ಎಂಬ ಮಾತಿನಂತೆ ಮಾತೃಭಾಷೆಯನ್ನು ಗೌರವಿಸುತ್ತಾ ಇಂಗ್ಲೀಷ್ ಕಲಿಯಬೇಕು ಎಂದರು. ಪ್ರಾಂಶುಪಾಲರು, ಉಪನ್ಯಾಸಕರು ಮತ್ತು ವಿದ್ಯಾರ್ಥಿಗಳು ಉಪಸ್ಥಿತರಿದ್ದರು.

ಧಾರವಾಡ.ಡಿ.20 : ಶ್ರೀ.ಎಂ.ವಿ ಪಾಟೀಲ ಪದವಿ ಪೂರ್ವ ಮಹಾವಿದ್ಯಾಲಯದಲ್ಲಿ ಇಂಗ್ಲೀಷ್ ವಿಭಾಗದ ವತಿಯಿಂದ ವಿಶೇಷ ಉಪನ್ಯಾಸ ಕಾರ್ಯಕ್ರಮ ಆಯೋಜಿಸಲಾಗಿತ್ತು. ಜಾಗತೀಕರಣದ ಯುಗದಲ್ಲಿ ಉದ್ಯೋಗ ಪಡೆಯಲು ಇಂಗ್ಲೀಷ್ ಭಾಷಾ ಜ್ಞಾನ ಅತ್ಯವಶ್ಯಕ. kannada is in my blood,English is for food ಎಂಬ ಮಾತಿನಂತೆ ಮಾತೃಭಾಷೆಯನ್ನು ಗೌರವಿಸುತ್ತಾ ಇಂಗ್ಲೀಷ್ ಕಲಿಯಬೇಕು ಎಂದರು. ಪ್ರಾಂಶುಪಾಲರು, ಉಪನ್ಯಾಸಕರು ಮತ್ತು ವಿದ್ಯಾರ್ಥಿಗಳು ಉಪಸ್ಥಿತರಿದ್ದರು.
